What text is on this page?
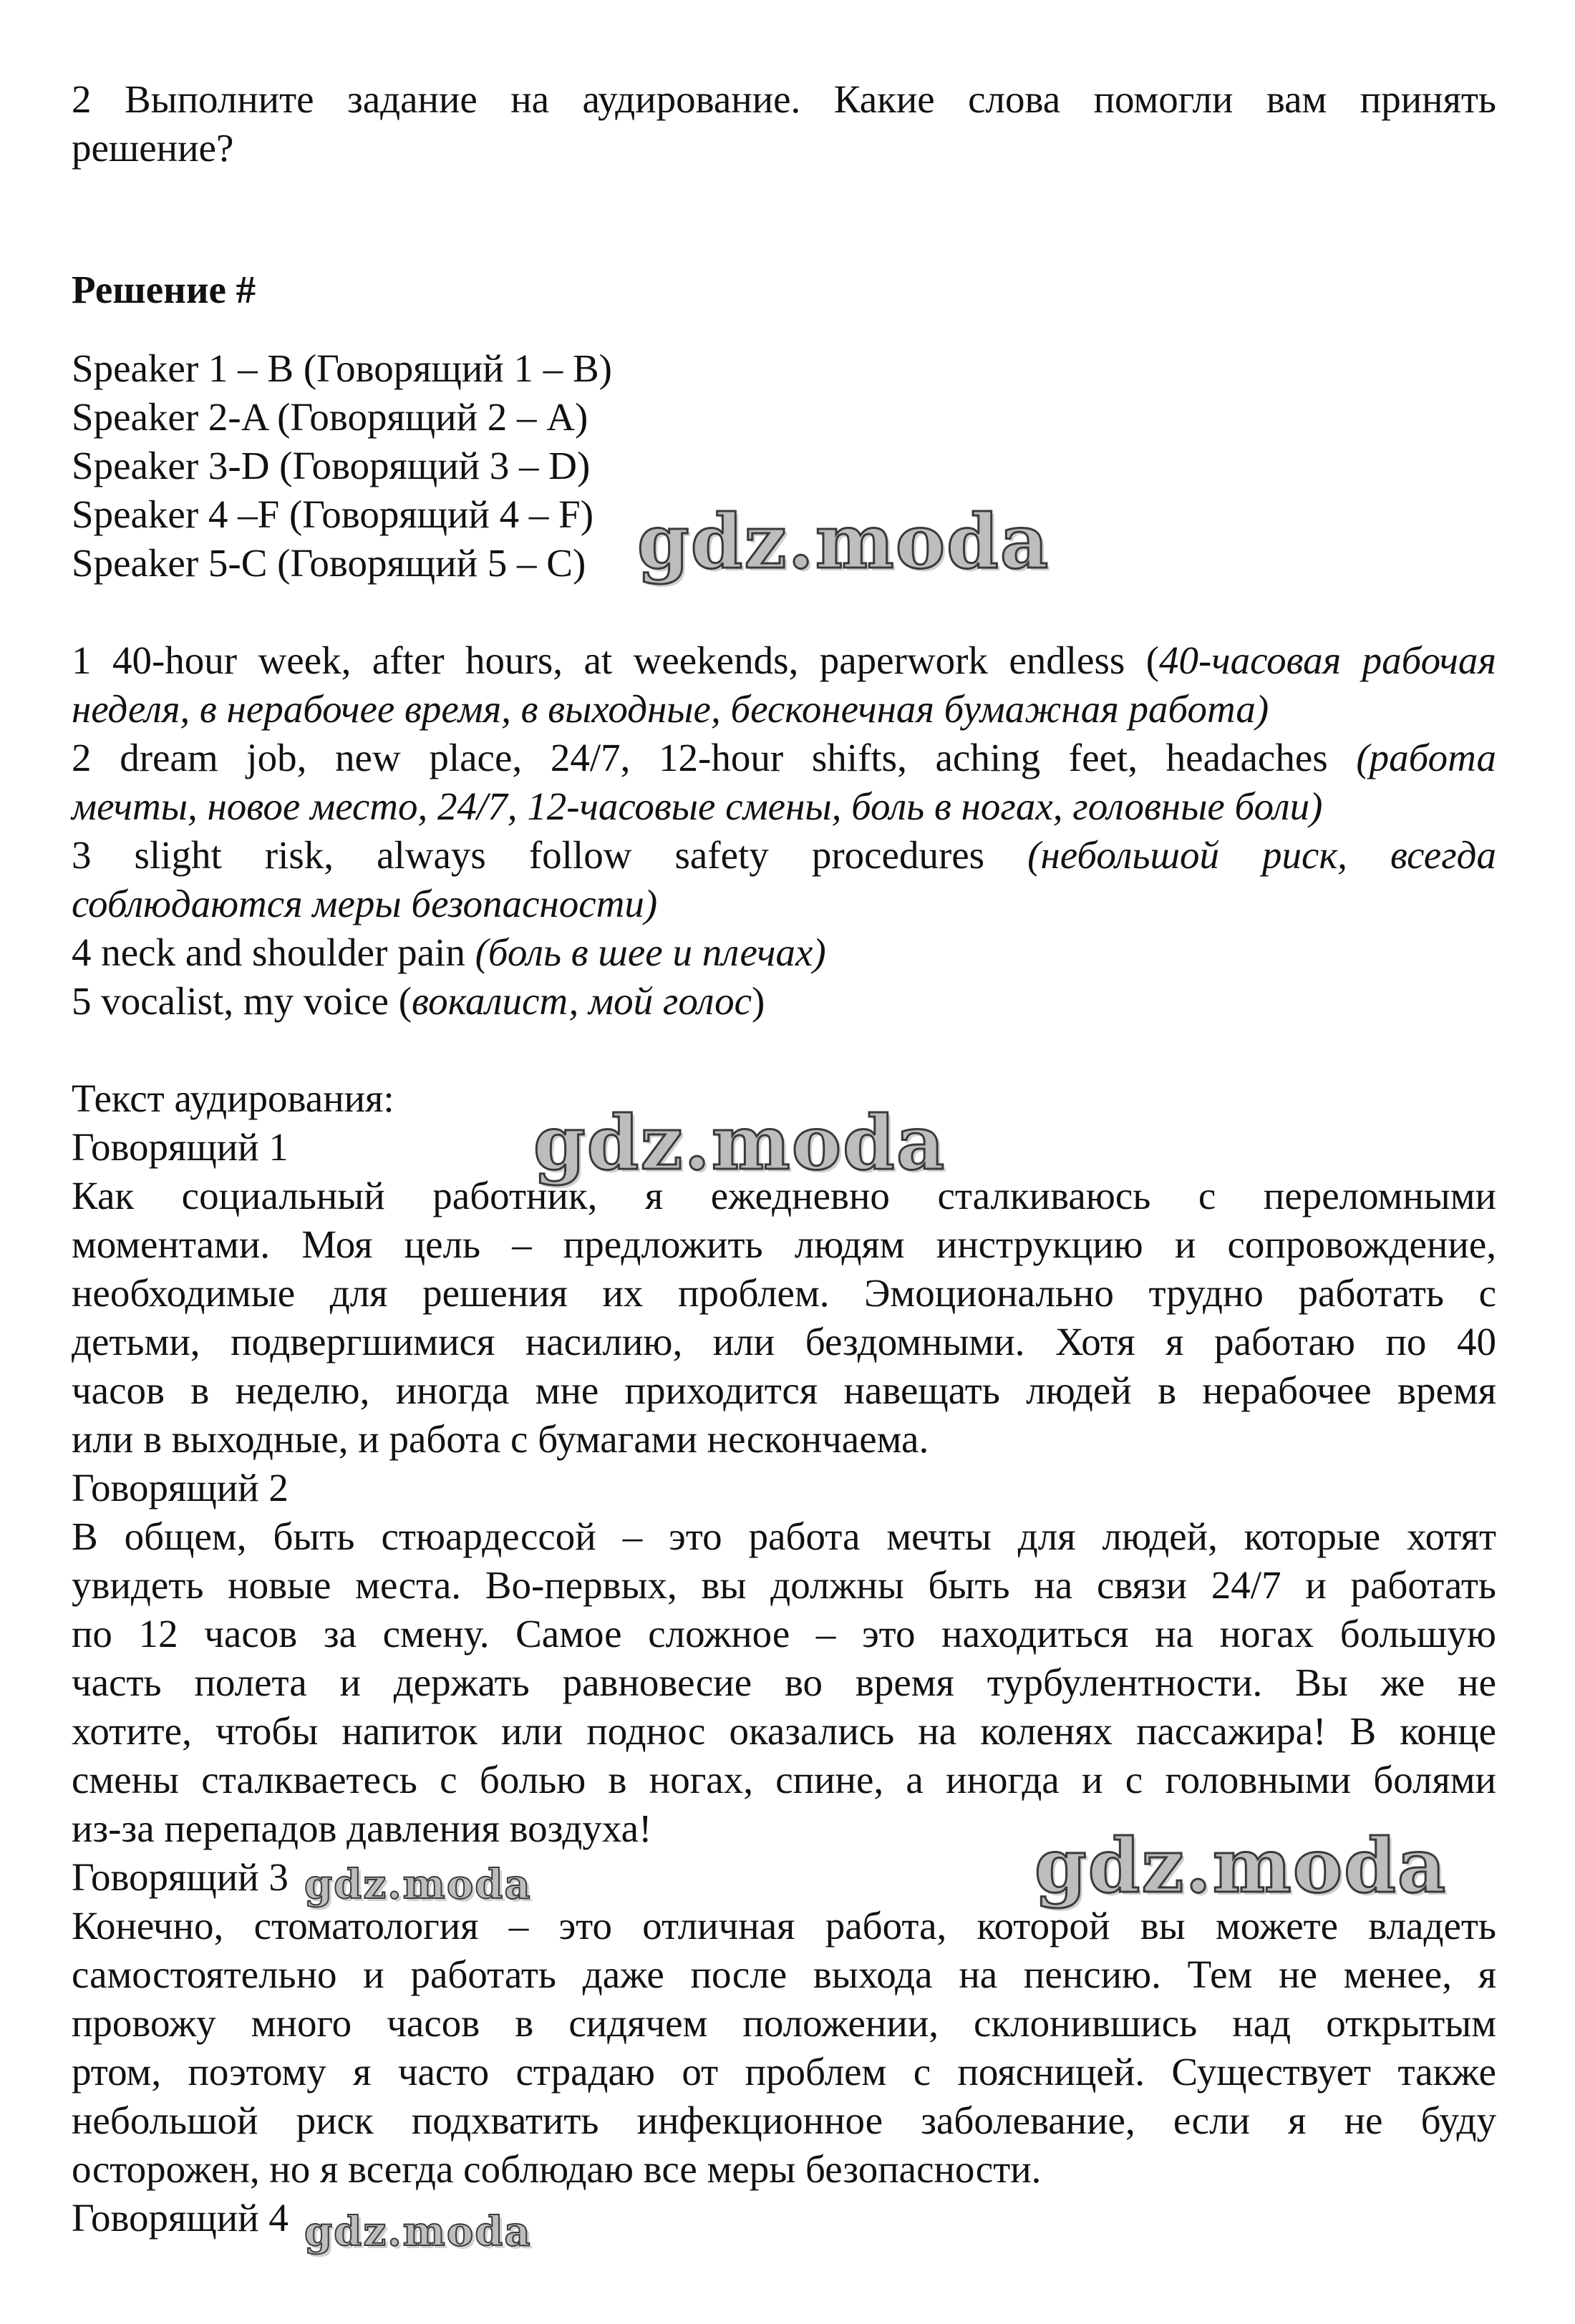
2 Выполните задание на аудирование. Какие слова помогли вам принять

решение?

Решение #

Speaker 1 – B (Говорящий 1 – B)

Speaker 2-A (Говорящий 2 – A)

Speaker 3-D (Говорящий 3 – D)

Speaker 4 –F (Говорящий 4 – F)

Speaker 5-C (Говорящий 5 – C)

1 40-hour week, after hours, at weekends, paperwork endless (40-часовая рабочая

неделя, в нерабочее время, в выходные, бесконечная бумажная работа)

2 dream job, new place, 24/7, 12-hour shifts, aching feet, headaches (работа

мечты, новое место, 24/7, 12-часовые смены, боль в ногах, головные боли)

3 slight risk, always follow safety procedures (небольшой риск, всегда

соблюдаются меры безопасности)

4 neck and shoulder pain (боль в шее и плечах)

5 vocalist, my voice (вокалист, мой голос)

Текст аудирования:

Говорящий 1

Как социальный работник, я ежедневно сталкиваюсь с переломными

моментами. Моя цель – предложить людям инструкцию и сопровождение,

необходимые для решения их проблем. Эмоционально трудно работать с

детьми, подвергшимися насилию, или бездомными. Хотя я работаю по 40

часов в неделю, иногда мне приходится навещать людей в нерабочее время

или в выходные, и работа с бумагами нескончаема.

Говорящий 2

В общем, быть стюардессой – это работа мечты для людей, которые хотят

увидеть новые места. Во-первых, вы должны быть на связи 24/7 и работать

по 12 часов за смену. Самое сложное – это находиться на ногах большую

часть полета и держать равновесие во время турбулентности. Вы же не

хотите, чтобы напиток или поднос оказались на коленях пассажира! В конце

смены сталкваетесь с болью в ногах, спине, а иногда и с головными болями

из-за перепадов давления воздуха!

Говорящий 3

Конечно, стоматология – это отличная работа, которой вы можете владеть

самостоятельно и работать даже после выхода на пенсию. Тем не менее, я

провожу много часов в сидячем положении, склонившись над открытым

ртом, поэтому я часто страдаю от проблем с поясницей. Существует также

небольшой риск подхватить инфекционное заболевание, если я не буду

осторожен, но я всегда соблюдаю все меры безопасности.

Говорящий 4

gdz.moda
gdz.moda
gdz.moda
gdz.moda
gdz.moda
